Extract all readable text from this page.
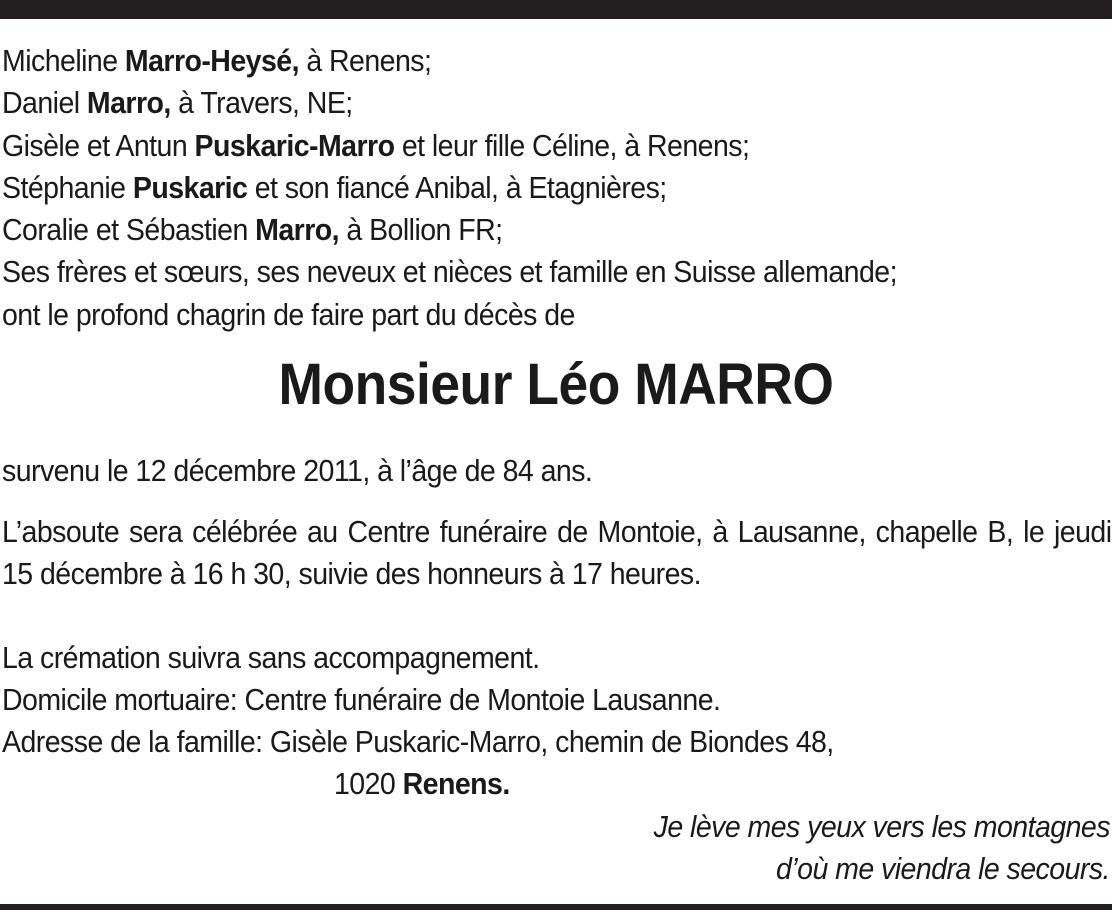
Micheline Marro-Heysé, à Renens;
Daniel Marro, à Travers, NE;
Gisèle et Antun Puskaric-Marro et leur fille Céline, à Renens;
Stéphanie Puskaric et son fiancé Anibal, à Etagnières;
Coralie et Sébastien Marro, à Bollion FR;
Ses frères et sœurs, ses neveux et nièces et famille en Suisse allemande;
ont le profond chagrin de faire part du décès de
Monsieur Léo MARRO
survenu le 12 décembre 2011, à l’âge de 84 ans.
L’absoute sera célébrée au Centre funéraire de Montoie, à Lausanne, chapelle B, le jeudi 15 décembre à 16 h 30, suivie des honneurs à 17 heures.
La crémation suivra sans accompagnement.
Domicile mortuaire: Centre funéraire de Montoie Lausanne.
Adresse de la famille: Gisèle Puskaric-Marro, chemin de Biondes 48,
1020 Renens.
Je lève mes yeux vers les montagnes
d’où me viendra le secours.
